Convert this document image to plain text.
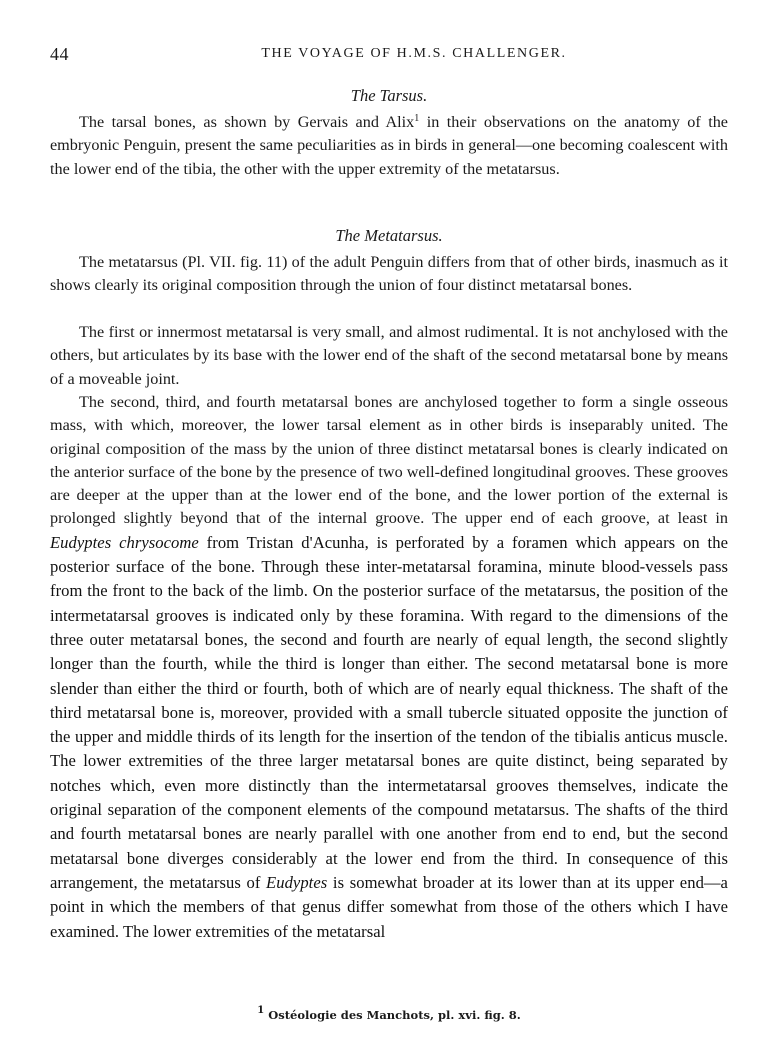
44	THE VOYAGE OF H.M.S. CHALLENGER.
The Tarsus.

The tarsal bones, as shown by Gervais and Alix$^1$ in their observations on the anatomy of the embryonic Penguin, present the same peculiarities as in birds in general—one becoming coalescent with the lower end of the tibia, the other with the upper extremity of the metatarsus.

The Metatarsus.

The metatarsus (Pl. VII. fig. 11) of the adult Penguin differs from that of other birds, inasmuch as it shows clearly its original composition through the union of four distinct metatarsal bones.

The first or innermost metatarsal is very small, and almost rudimental. It is not anchylosed with the others, but articulates by its base with the lower end of the shaft of the second metatarsal bone by means of a moveable joint.

The second, third, and fourth metatarsal bones are anchylosed together to form a single osseous mass, with which, moreover, the lower tarsal element as in other birds is inseparably united. The original composition of the mass by the union of three distinct metatarsal bones is clearly indicated on the anterior surface of the bone by the presence of two well-defined longitudinal grooves. These grooves are deeper at the upper than at the lower end of the bone, and the lower portion of the external is prolonged slightly beyond that of the internal groove. The upper end of each groove, at least in Eudyptes chrysocome from Tristan d'Acunha, is perforated by a foramen which appears on the posterior surface of the bone. Through these inter-metatarsal foramina, minute blood-vessels pass from the front to the back of the limb. On the posterior surface of the metatarsus, the position of the intermetatarsal grooves is indicated only by these foramina. With regard to the dimensions of the three outer metatarsal bones, the second and fourth are nearly of equal length, the second slightly longer than the fourth, while the third is longer than either. The second metatarsal bone is more slender than either the third or fourth, both of which are of nearly equal thickness. The shaft of the third metatarsal bone is, moreover, provided with a small tubercle situated opposite the junction of the upper and middle thirds of its length for the insertion of the tendon of the tibialis anticus muscle. The lower extremities of the three larger metatarsal bones are quite distinct, being separated by notches which, even more distinctly than the intermetatarsal grooves themselves, indicate the original separation of the component elements of the compound metatarsus. The shafts of the third and fourth metatarsal bones are nearly parallel with one another from end to end, but the second metatarsal bone diverges considerably at the lower end from the third. In consequence of this arrangement, the metatarsus of Eudyptes is somewhat broader at its lower than at its upper end—a point in which the members of that genus differ somewhat from those of the others which I have examined. The lower extremities of the metatarsal

$^1$ Ostéologie des Manchots, pl. xvi. fig. 8.
